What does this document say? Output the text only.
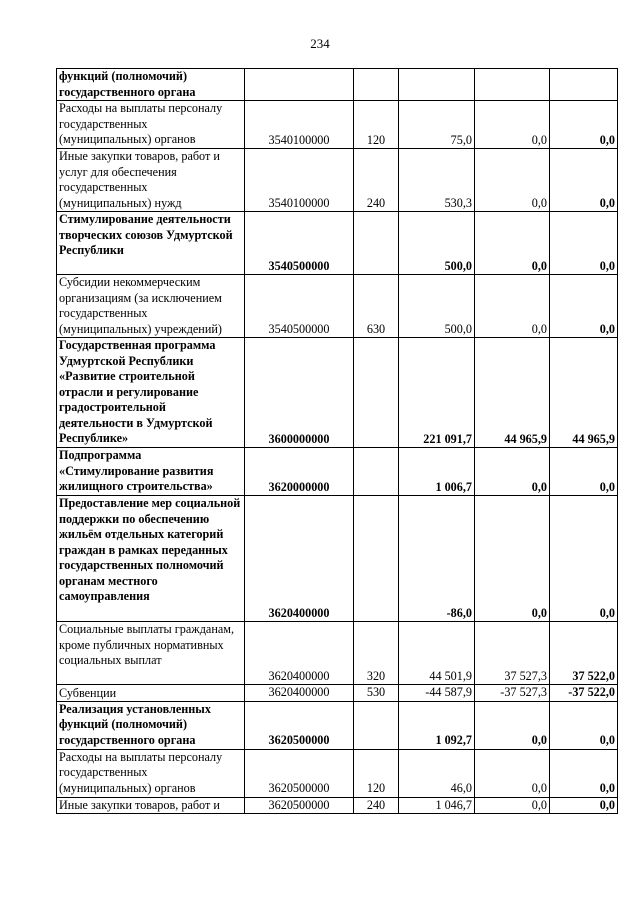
234
функций (полномочий) государственного органа					

Расходы на выплаты персоналу государственных (муниципальных) органов	3540100000	120	75,0	0,0	0,0

Иные закупки товаров, работ и услуг для обеспечения государственных (муниципальных) нужд	3540100000	240	530,3	0,0	0,0

Стимулирование деятельности творческих союзов Удмуртской Республики	3540500000		500,0	0,0	0,0

Субсидии некоммерческим организациям (за исключением государственных (муниципальных) учреждений)	3540500000	630	500,0	0,0	0,0

Государственная программа Удмуртской Республики «Развитие строительной отрасли и регулирование градостроительной деятельности в Удмуртской Республике»	3600000000		221 091,7	44 965,9	44 965,9

Подпрограмма «Стимулирование развития жилищного строительства»	3620000000		1 006,7	0,0	0,0

Предоставление мер социальной поддержки по обеспечению жильём отдельных категорий граждан в рамках переданных государственных полномочий органам местного самоуправления	3620400000		-86,0	0,0	0,0

Социальные выплаты гражданам, кроме публичных нормативных социальных выплат	3620400000	320	44 501,9	37 527,3	37 522,0

Субвенции	3620400000	530	-44 587,9	-37 527,3	-37 522,0

Реализация установленных функций (полномочий) государственного органа	3620500000		1 092,7	0,0	0,0

Расходы на выплаты персоналу государственных (муниципальных) органов	3620500000	120	46,0	0,0	0,0

Иные закупки товаров, работ и	3620500000	240	1 046,7	0,0	0,0
